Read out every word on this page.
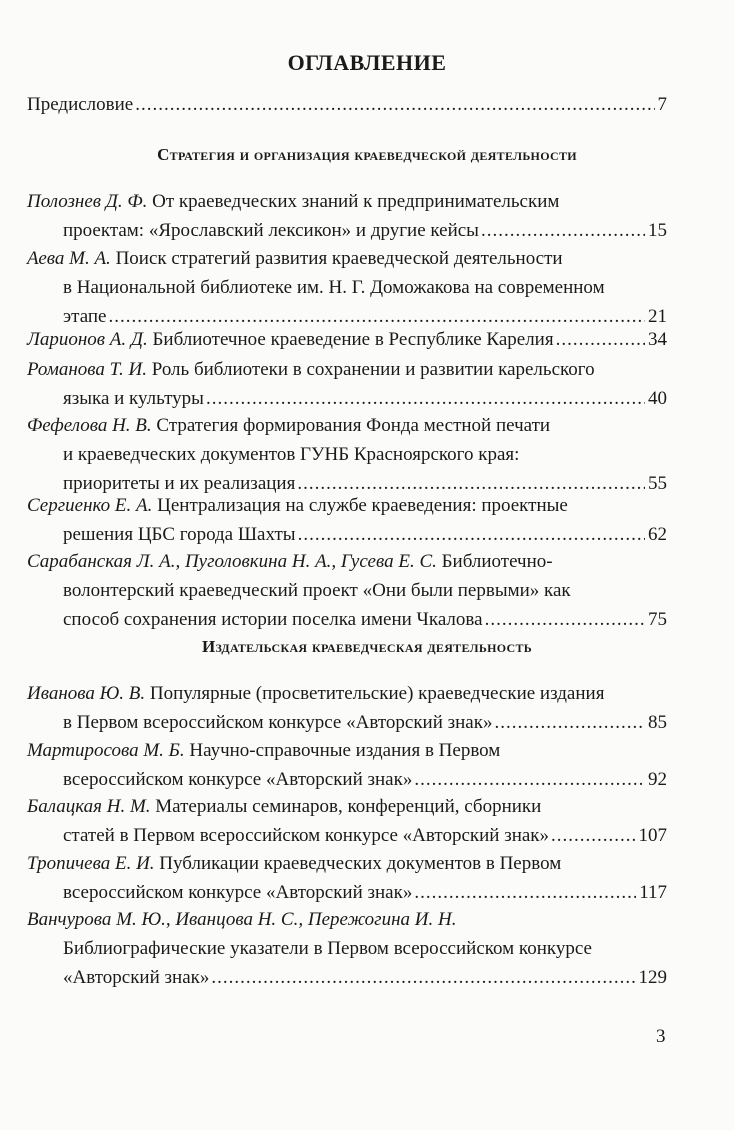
ОГЛАВЛЕНИЕ
Предисловие .....	7
Стратегия и организация краеведческой деятельности
Полознев Д. Ф. От краеведческих знаний к предпринимательским
проектам: «Ярославский лексикон» и другие кейсы .....	15
Аева М. А. Поиск стратегий развития краеведческой деятельности
в Национальной библиотеке им. Н. Г. Доможакова на современном
этапе .....	21
Ларионов А. Д.
Библиотечное краеведение в Республике Карелия .....	34
Романова Т. И. Роль библиотеки в сохранении и развитии карельского
языка и культуры .....	40
Фефелова Н. В. Стратегия формирования Фонда местной печати
и краеведческих документов ГУНБ Красноярского края:
приоритеты и их реализация .....	55
Сергиенко Е. А. Централизация на службе краеведения: проектные
решения ЦБС города Шахты .....	62
Сарабанская Л. А., Пуголовкина Н. А., Гусева Е. С. Библиотечно-
волонтерский краеведческий проект «Они были первыми» как
способ сохранения истории поселка имени Чкалова .....	75
Издательская краеведческая деятельность
Иванова Ю. В. Популярные (просветительские) краеведческие издания
в Первом всероссийском конкурсе «Авторский знак» .....	85
Мартиросова М. Б. Научно-справочные издания в Первом
всероссийском конкурсе «Авторский знак» .....	92
Балацкая Н. М. Материалы семинаров, конференций, сборники
статей в Первом всероссийском конкурсе «Авторский знак» .....	107
Тропичева Е. И. Публикации краеведческих документов в Первом
всероссийском конкурсе «Авторский знак» .....	117
Ванчурова М. Ю., Иванцова Н. С., Пережогина И. Н.
Библиографические указатели в Первом всероссийском конкурсе
«Авторский знак» .....	129
3
